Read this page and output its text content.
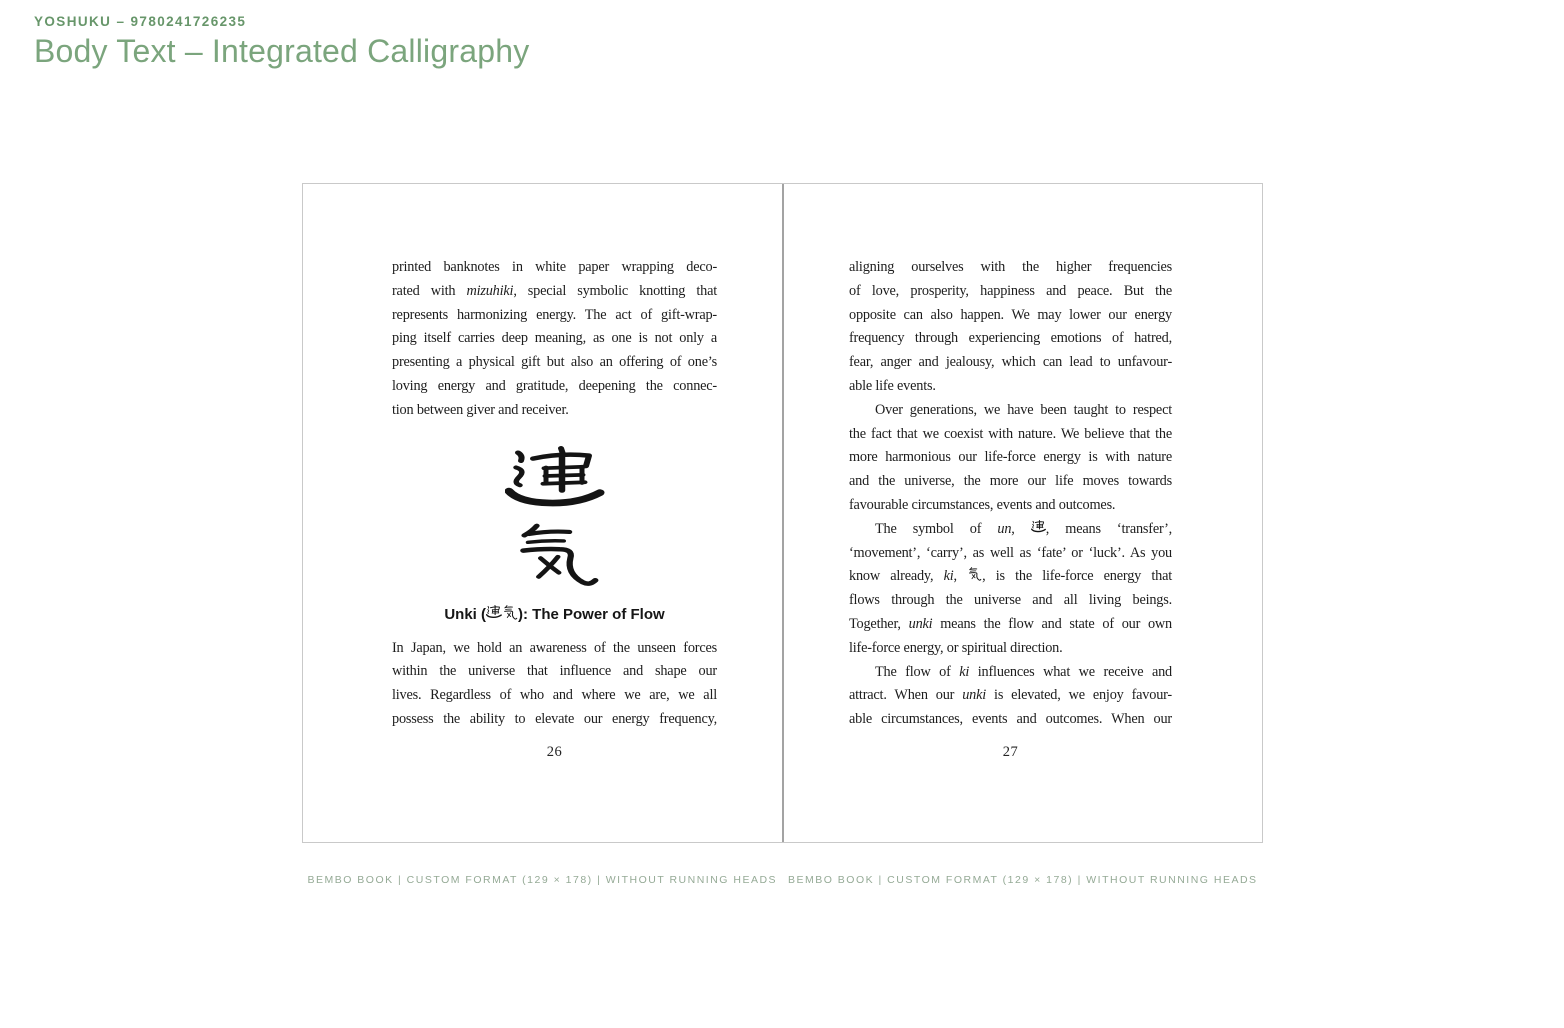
YOSHUKU – 9780241726235
Body Text – Integrated Calligraphy
printed banknotes in white paper wrapping deco-
rated with mizuhiki, special symbolic knotting that
represents harmonizing energy. The act of gift-wrap-
ping itself carries deep meaning, as one is not only a
presenting a physical gift but also an offering of one’s
loving energy and gratitude, deepening the connec-
tion between giver and receiver.
Unki ( ): The Power of Flow
In Japan, we hold an awareness of the unseen forces
within the universe that influence and shape our
lives. Regardless of who and where we are, we all
possess the ability to elevate our energy frequency,
26
aligning ourselves with the higher frequencies
of love, prosperity, happiness and peace. But the
opposite can also happen. We may lower our energy
frequency through experiencing emotions of hatred,
fear, anger and jealousy, which can lead to unfavour-
able life events.
Over generations, we have been taught to respect
the fact that we coexist with nature. We believe that the
more harmonious our life-force energy is with nature
and the universe, the more our life moves towards
favourable circumstances, events and outcomes.
The symbol of un, , means ‘transfer’,
‘movement’, ‘carry’, as well as ‘fate’ or ‘luck’. As you
know already, ki, , is the life-force energy that
flows through the universe and all living beings.
Together, unki means the flow and state of our own
life-force energy, or spiritual direction.
The flow of ki influences what we receive and
attract. When our unki is elevated, we enjoy favour-
able circumstances, events and outcomes. When our
27
BEMBO BOOK | CUSTOM FORMAT (129 × 178) | WITHOUT RUNNING HEADS	BEMBO BOOK | CUSTOM FORMAT (129 × 178) | WITHOUT RUNNING HEADS
